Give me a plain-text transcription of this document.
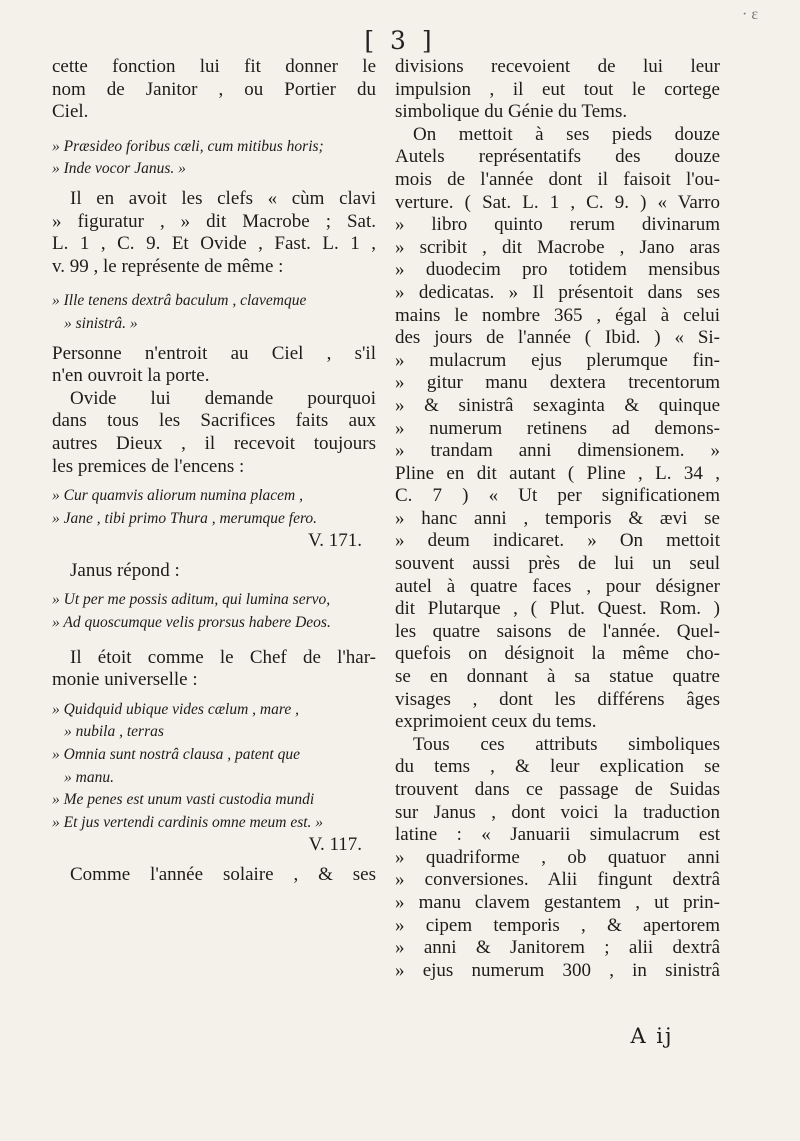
· ɛ
[ 3 ]
cette fonction lui fit donner le
nom de Janitor , ou Portier du
Ciel.
» Præsideo foribus cæli, cum mitibus horis;
» Inde vocor Janus. »
Il en avoit les clefs « cùm clavi
» figuratur , » dit Macrobe ; Sat.
L. 1 , C. 9. Et Ovide , Fast. L. 1 ,
v. 99 , le représente de même :
» Ille tenens dextrâ baculum , clavemque
» sinistrâ. »
Personne n'entroit au Ciel , s'il
n'en ouvroit la porte.
Ovide lui demande pourquoi
dans tous les Sacrifices faits aux
autres Dieux , il recevoit toujours
les premices de l'encens :
» Cur quamvis aliorum numina placem ,
» Jane , tibi primo Thura , merumque fero.
V. 171.
Janus répond :
» Ut per me possis aditum, qui lumina servo,
» Ad quoscumque velis prorsus habere Deos.
Il étoit comme le Chef de l'har-
monie universelle :
» Quidquid ubique vides cælum , mare ,
» nubila , terras
» Omnia sunt nostrâ clausa , patent que
» manu.
» Me penes est unum vasti custodia mundi
» Et jus vertendi cardinis omne meum est. »
V. 117.
Comme l'année solaire , & ses
divisions recevoient de lui leur
impulsion , il eut tout le cortege
simbolique du Génie du Tems.
On mettoit à ses pieds douze
Autels représentatifs des douze
mois de l'année dont il faisoit l'ou-
verture. ( Sat. L. 1 , C. 9. ) « Varro
» libro quinto rerum divinarum
» scribit , dit Macrobe , Jano aras
» duodecim pro totidem mensibus
» dedicatas. » Il présentoit dans ses
mains le nombre 365 , égal à celui
des jours de l'année ( Ibid. ) « Si-
» mulacrum ejus plerumque fin-
» gitur manu dextera trecentorum
» & sinistrâ sexaginta & quinque
» numerum retinens ad demons-
» trandam anni dimensionem. »
Pline en dit autant ( Pline , L. 34 ,
C. 7 ) « Ut per significationem
» hanc anni , temporis & ævi se
» deum indicaret. » On mettoit
souvent aussi près de lui un seul
autel à quatre faces , pour désigner
dit Plutarque , ( Plut. Quest. Rom. )
les quatre saisons de l'année. Quel-
quefois on désignoit la même cho-
se en donnant à sa statue quatre
visages , dont les différens âges
exprimoient ceux du tems.
Tous ces attributs simboliques
du tems , & leur explication se
trouvent dans ce passage de Suidas
sur Janus , dont voici la traduction
latine : « Januarii simulacrum est
» quadriforme , ob quatuor anni
» conversiones. Alii fingunt dextrâ
» manu clavem gestantem , ut prin-
» cipem temporis , & apertorem
» anni & Janitorem ; alii dextrâ
» ejus numerum 300 , in sinistrâ
A ij
